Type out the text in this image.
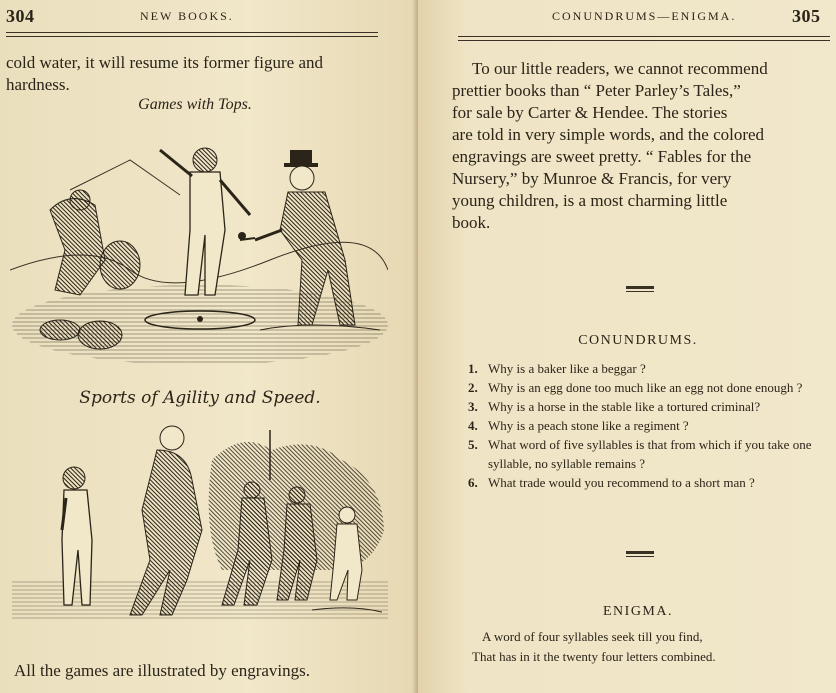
304	NEW BOOKS.
cold water, it will resume its former figure and hardness.
Games with Tops.
Sports of Agility and Speed.
All the games are illustrated by engravings.
CONUNDRUMS—ENIGMA.	305
To our little readers, we cannot recommend
prettier books than “ Peter Parley’s Tales,”
for sale by Carter & Hendee. The stories
are told in very simple words, and the colored
engravings are sweet pretty. “ Fables for the
Nursery,” by Munroe & Francis, for very
young children, is a most charming little
book.
CONUNDRUMS.
1. Why is a baker like a beggar ?
2. Why is an egg done too much like an egg not done enough ?
3. Why is a horse in the stable like a tortured criminal?
4. Why is a peach stone like a regiment ?
5. What word of five syllables is that from which if you take one syllable, no syllable remains ?
6. What trade would you recommend to a short man ?
ENIGMA.
A word of four syllables seek till you find,
That has in it the twenty four letters combined.
